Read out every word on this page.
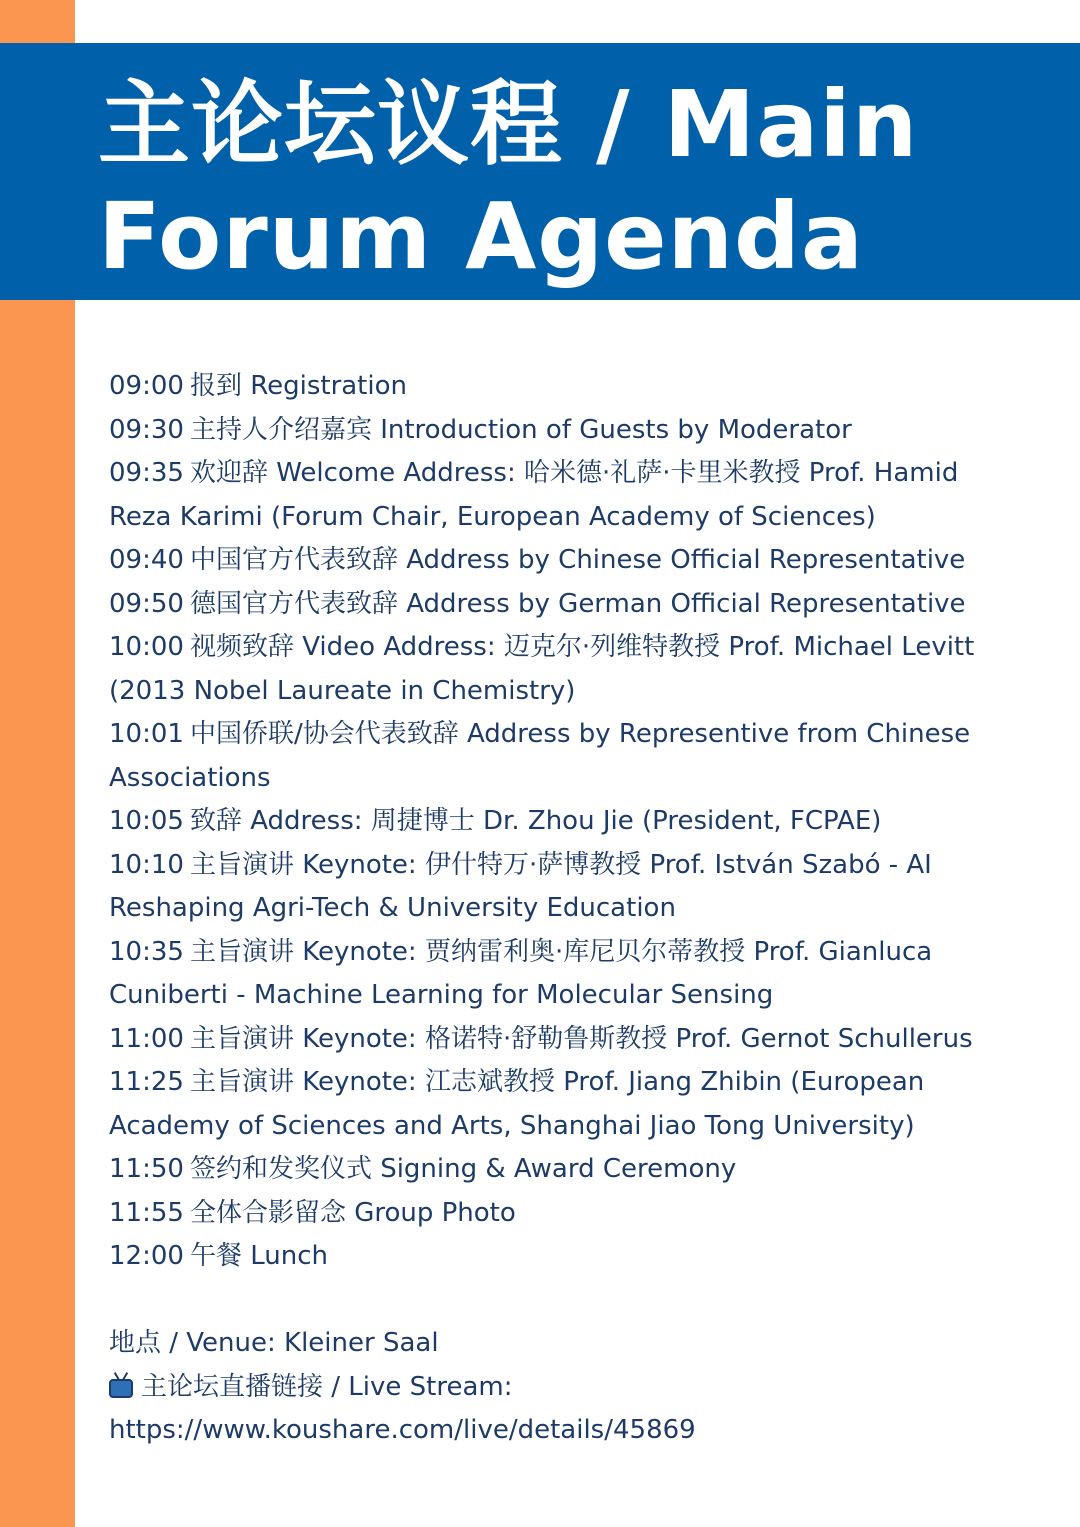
主论坛议程 / Main
Forum Agenda
09:00 报到 Registration
09:30 主持人介绍嘉宾 Introduction of Guests by Moderator
09:35 欢迎辞 Welcome Address: 哈米德·礼萨·卡里米教授 Prof. Hamid Reza Karimi (Forum Chair, European Academy of Sciences)
09:40 中国官方代表致辞 Address by Chinese Official Representative
09:50 德国官方代表致辞 Address by German Official Representative
10:00 视频致辞 Video Address: 迈克尔·列维特教授 Prof. Michael Levitt (2013 Nobel Laureate in Chemistry)
10:01 中国侨联/协会代表致辞 Address by Representive from Chinese Associations
10:05 致辞 Address: 周捷博士 Dr. Zhou Jie (President, FCPAE)
10:10 主旨演讲 Keynote: 伊什特万·萨博教授 Prof. István Szabó - AI Reshaping Agri-Tech & University Education
10:35 主旨演讲 Keynote: 贾纳雷利奥·库尼贝尔蒂教授 Prof. Gianluca Cuniberti - Machine Learning for Molecular Sensing
11:00 主旨演讲 Keynote: 格诺特·舒勒鲁斯教授 Prof. Gernot Schullerus
11:25 主旨演讲 Keynote: 江志斌教授 Prof. Jiang Zhibin (European Academy of Sciences and Arts, Shanghai Jiao Tong University)
11:50 签约和发奖仪式 Signing & Award Ceremony
11:55 全体合影留念 Group Photo
12:00 午餐 Lunch
地点 / Venue: Kleiner Saal
主论坛直播链接 / Live Stream:
https://www.koushare.com/live/details/45869
